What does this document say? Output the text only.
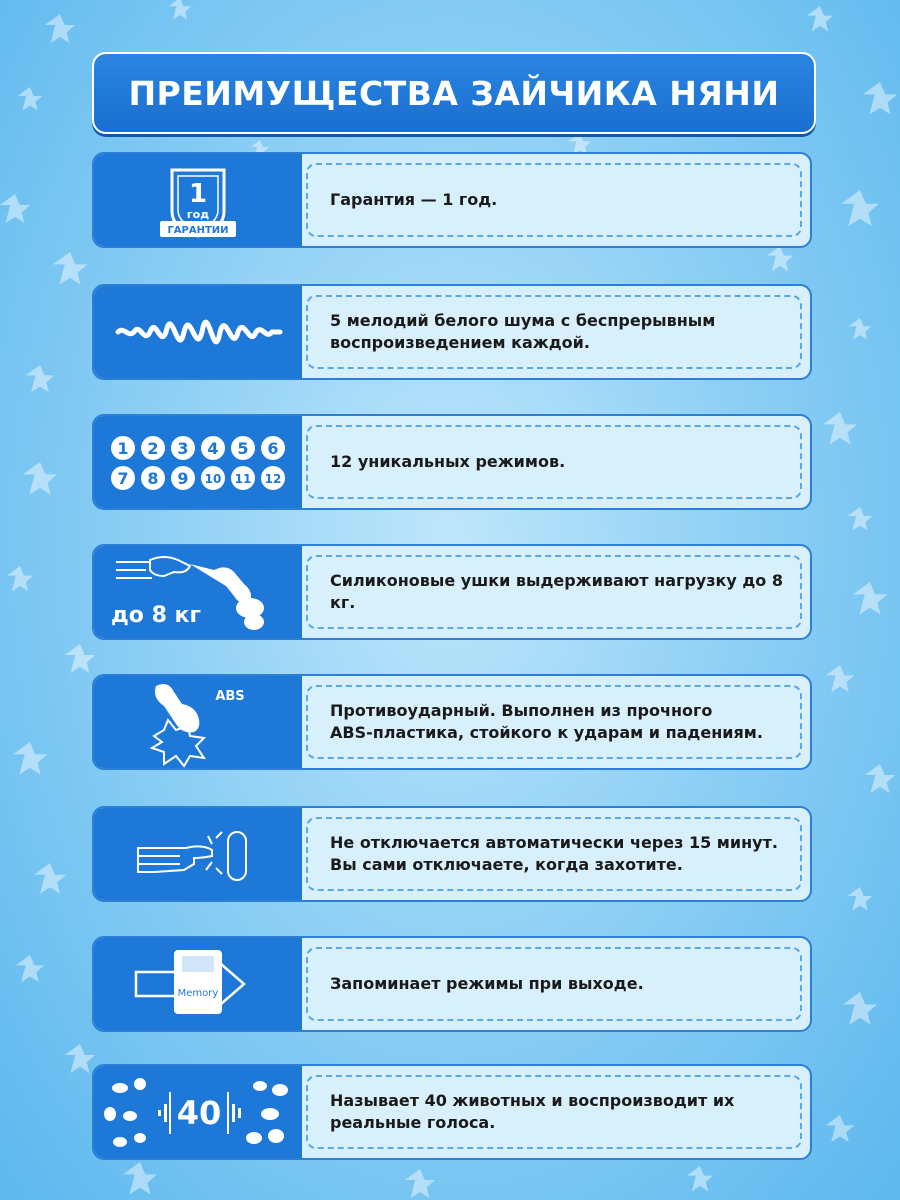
ПРЕИМУЩЕСТВА ЗАЙЧИКА НЯНИ
1
год
ГАРАНТИИ
Гарантия — 1 год.
5 мелодий белого шума с беспрерывным
воспроизведением каждой.
1 2 3 4 5 6
7 8 9 10 11 12
12 уникальных режимов.
до 8 кг
Силиконовые ушки выдерживают нагрузку до 8 кг.
ABS
Противоударный. Выполнен из прочного
ABS-пластика, стойкого к ударам и падениям.
Не отключается автоматически через 15 минут.
Вы сами отключаете, когда захотите.
Memory
Запоминает режимы при выходе.
40	Называет 40 животных и воспроизводит их
реальные голоса.
